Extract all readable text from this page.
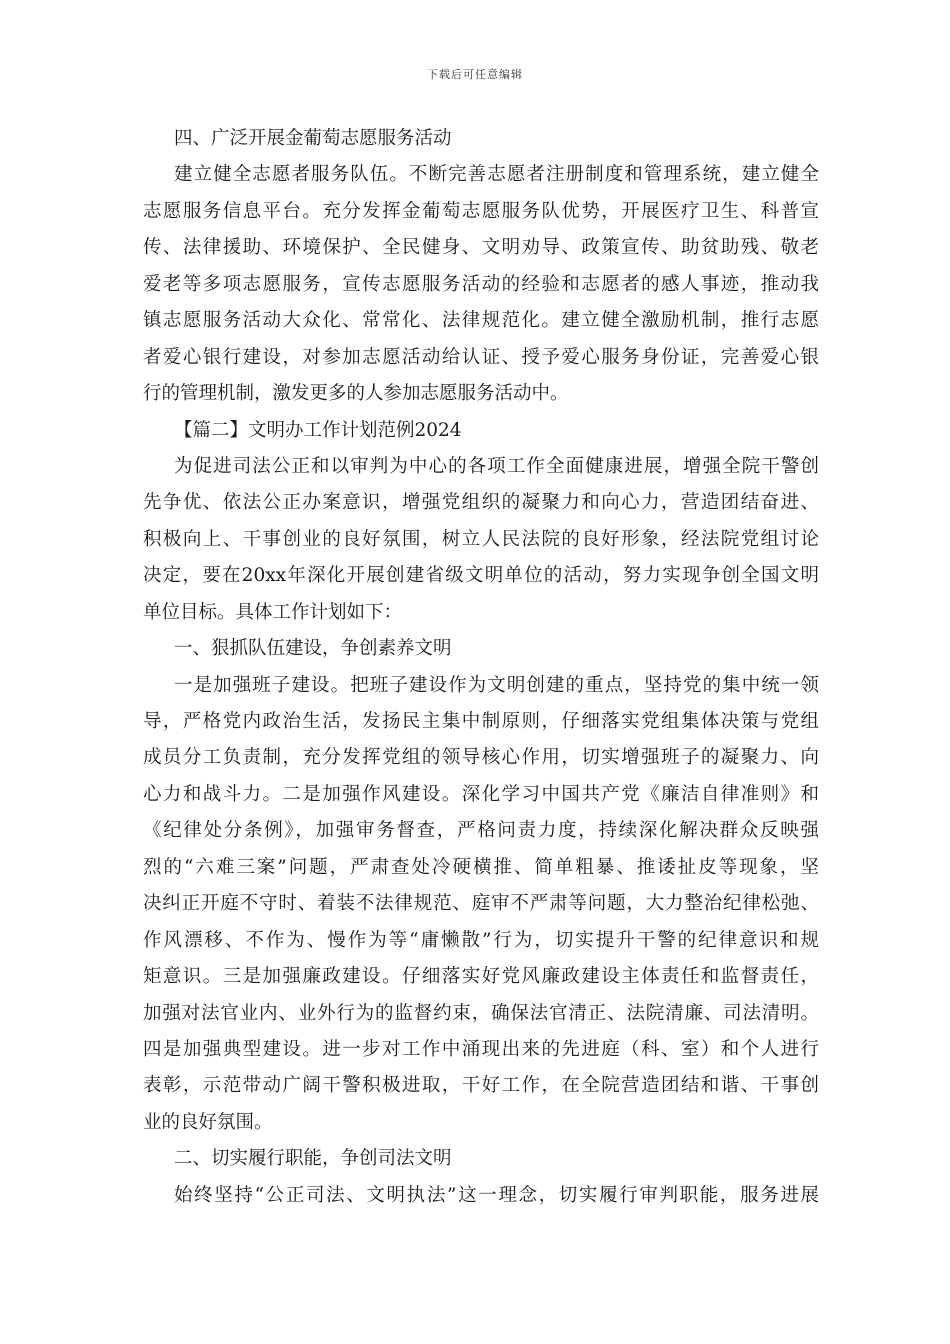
下载后可任意编辑
四、广泛开展金葡萄志愿服务活动
建立健全志愿者服务队伍。不断完善志愿者注册制度和管理系统，建立健全
志愿服务信息平台。充分发挥金葡萄志愿服务队优势，开展医疗卫生、科普宣
传、法律援助、环境保护、全民健身、文明劝导、政策宣传、助贫助残、敬老
爱老等多项志愿服务，宣传志愿服务活动的经验和志愿者的感人事迹，推动我
镇志愿服务活动大众化、常常化、法律规范化。建立健全激励机制，推行志愿
者爱心银行建设，对参加志愿活动给认证、授予爱心服务身份证，完善爱心银
行的管理机制，激发更多的人参加志愿服务活动中。
【篇二】文明办工作计划范例2024
为促进司法公正和以审判为中心的各项工作全面健康进展，增强全院干警创
先争优、依法公正办案意识，增强党组织的凝聚力和向心力，营造团结奋进、
积极向上、干事创业的良好氛围，树立人民法院的良好形象，经法院党组讨论
决定，要在20xx年深化开展创建省级文明单位的活动，努力实现争创全国文明
单位目标。具体工作计划如下：
一、狠抓队伍建设，争创素养文明
一是加强班子建设。把班子建设作为文明创建的重点，坚持党的集中统一领
导，严格党内政治生活，发扬民主集中制原则，仔细落实党组集体决策与党组
成员分工负责制，充分发挥党组的领导核心作用，切实增强班子的凝聚力、向
心力和战斗力。二是加强作风建设。深化学习中国共产党《廉洁自律准则》和
《纪律处分条例》，加强审务督查，严格问责力度，持续深化解决群众反映强
烈的“六难三案”问题，严肃查处冷硬横推、简单粗暴、推诿扯皮等现象，坚
决纠正开庭不守时、着装不法律规范、庭审不严肃等问题，大力整治纪律松弛、
作风漂移、不作为、慢作为等“庸懒散”行为，切实提升干警的纪律意识和规
矩意识。三是加强廉政建设。仔细落实好党风廉政建设主体责任和监督责任，
加强对法官业内、业外行为的监督约束，确保法官清正、法院清廉、司法清明。
四是加强典型建设。进一步对工作中涌现出来的先进庭（科、室）和个人进行
表彰，示范带动广阔干警积极进取，干好工作，在全院营造团结和谐、干事创
业的良好氛围。
二、切实履行职能，争创司法文明
始终坚持“公正司法、文明执法”这一理念，切实履行审判职能，服务进展
